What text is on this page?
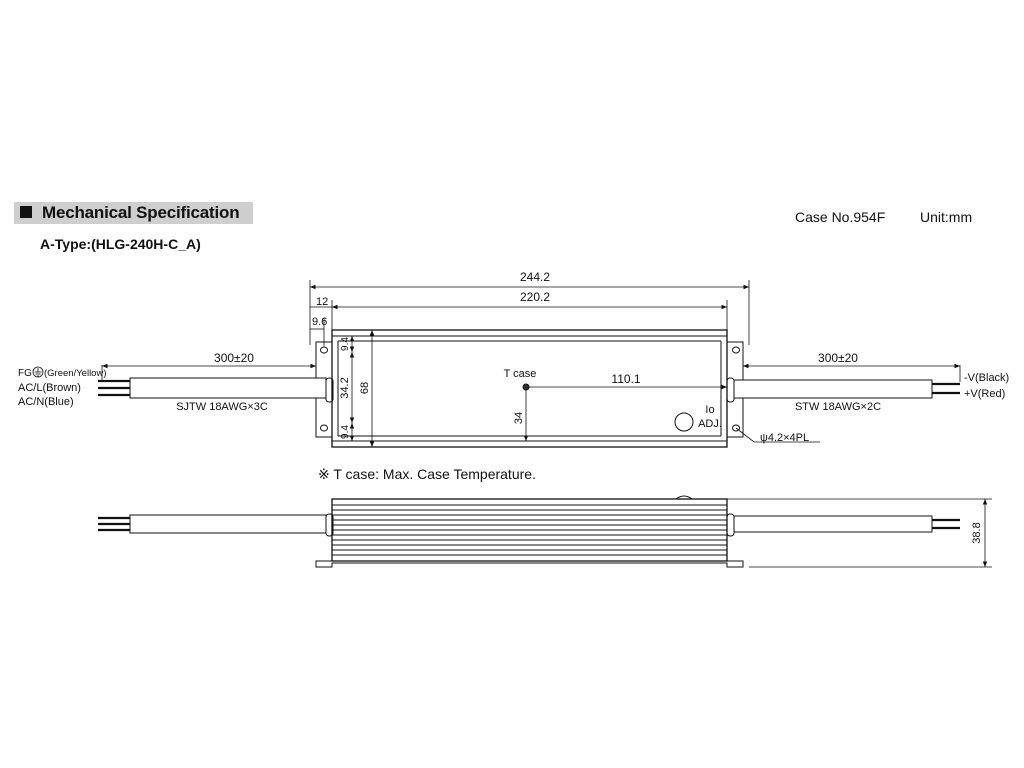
Mechanical Specification
A-Type:(HLG-240H-C_A)
Case No.954F Unit:mm
244.2
220.2
12
9.6
300±20	300±20
110.1
34
9.4
34.2
9.4
68
FG (Green/Yellow)
AC/L(Brown)
AC/N(Blue)	SJTW 18AWG×3C	STW 18AWG×2C
-V(Black)
+V(Red)
T case
Io
ADJ.
ψ4.2×4PL
※ T case: Max. Case Temperature.
38.8
